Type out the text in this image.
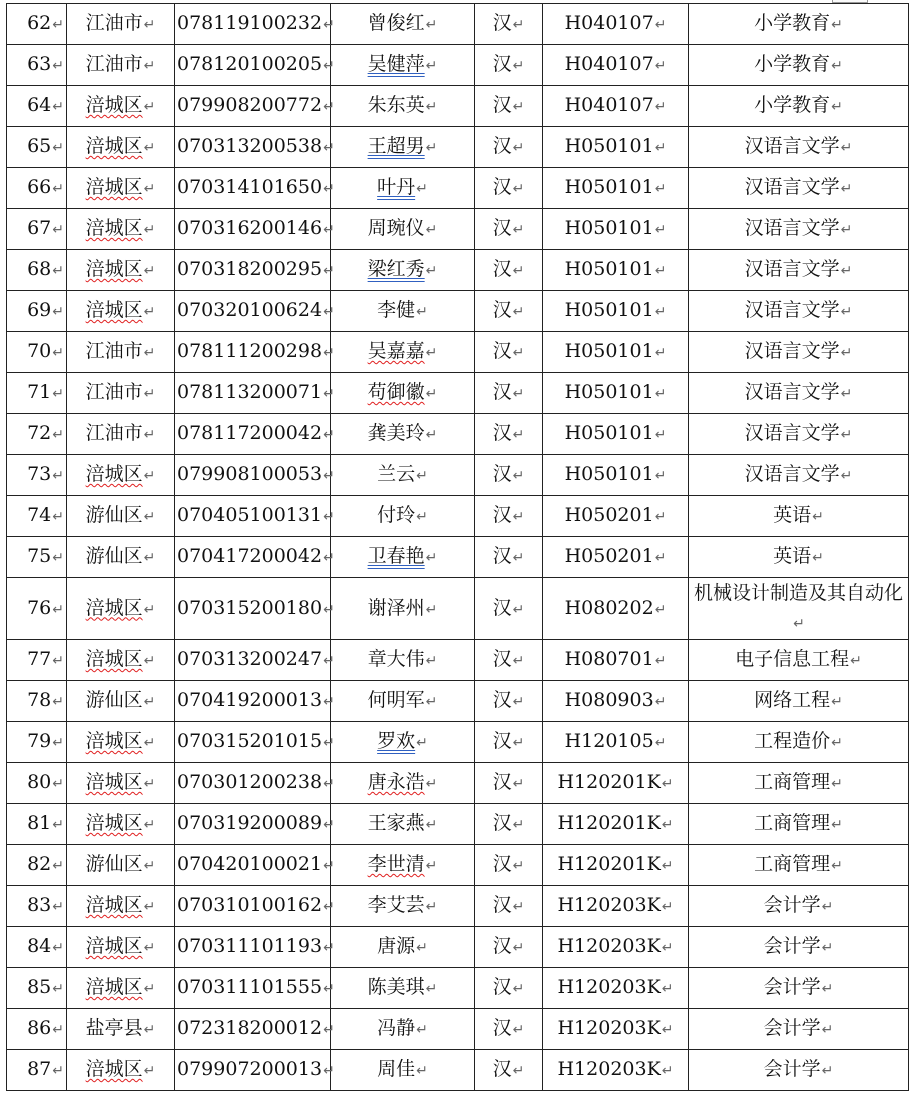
62↵	江油市↵	078119100232↵	曾俊红↵	汉↵	H040107↵	小学教育↵
63↵	江油市↵	078120100205↵	吴健萍↵	汉↵	H040107↵	小学教育↵
64↵	涪城区↵	079908200772↵	朱东英↵	汉↵	H040107↵	小学教育↵
65↵	涪城区↵	070313200538↵	王超男↵	汉↵	H050101↵	汉语言文学↵
66↵	涪城区↵	070314101650↵	叶丹↵	汉↵	H050101↵	汉语言文学↵
67↵	涪城区↵	070316200146↵	周琬仪↵	汉↵	H050101↵	汉语言文学↵
68↵	涪城区↵	070318200295↵	梁红秀↵	汉↵	H050101↵	汉语言文学↵
69↵	涪城区↵	070320100624↵	李健↵	汉↵	H050101↵	汉语言文学↵
70↵	江油市↵	078111200298↵	吴嘉嘉↵	汉↵	H050101↵	汉语言文学↵
71↵	江油市↵	078113200071↵	苟御徽↵	汉↵	H050101↵	汉语言文学↵
72↵	江油市↵	078117200042↵	龚美玲↵	汉↵	H050101↵	汉语言文学↵
73↵	涪城区↵	079908100053↵	兰云↵	汉↵	H050101↵	汉语言文学↵
74↵	游仙区↵	070405100131↵	付玲↵	汉↵	H050201↵	英语↵
75↵	游仙区↵	070417200042↵	卫春艳↵	汉↵	H050201↵	英语↵
76↵	涪城区↵	070315200180↵	谢泽州↵	汉↵	H080202↵	机械设计制造及其自动化↵
77↵	涪城区↵	070313200247↵	章大伟↵	汉↵	H080701↵	电子信息工程↵
78↵	游仙区↵	070419200013↵	何明军↵	汉↵	H080903↵	网络工程↵
79↵	涪城区↵	070315201015↵	罗欢↵	汉↵	H120105↵	工程造价↵
80↵	涪城区↵	070301200238↵	唐永浩↵	汉↵	H120201K↵	工商管理↵
81↵	涪城区↵	070319200089↵	王家燕↵	汉↵	H120201K↵	工商管理↵
82↵	游仙区↵	070420100021↵	李世清↵	汉↵	H120201K↵	工商管理↵
83↵	涪城区↵	070310100162↵	李艾芸↵	汉↵	H120203K↵	会计学↵
84↵	涪城区↵	070311101193↵	唐源↵	汉↵	H120203K↵	会计学↵
85↵	涪城区↵	070311101555↵	陈美琪↵	汉↵	H120203K↵	会计学↵
86↵	盐亭县↵	072318200012↵	冯静↵	汉↵	H120203K↵	会计学↵
87↵	涪城区↵	079907200013↵	周佳↵	汉↵	H120203K↵	会计学↵
